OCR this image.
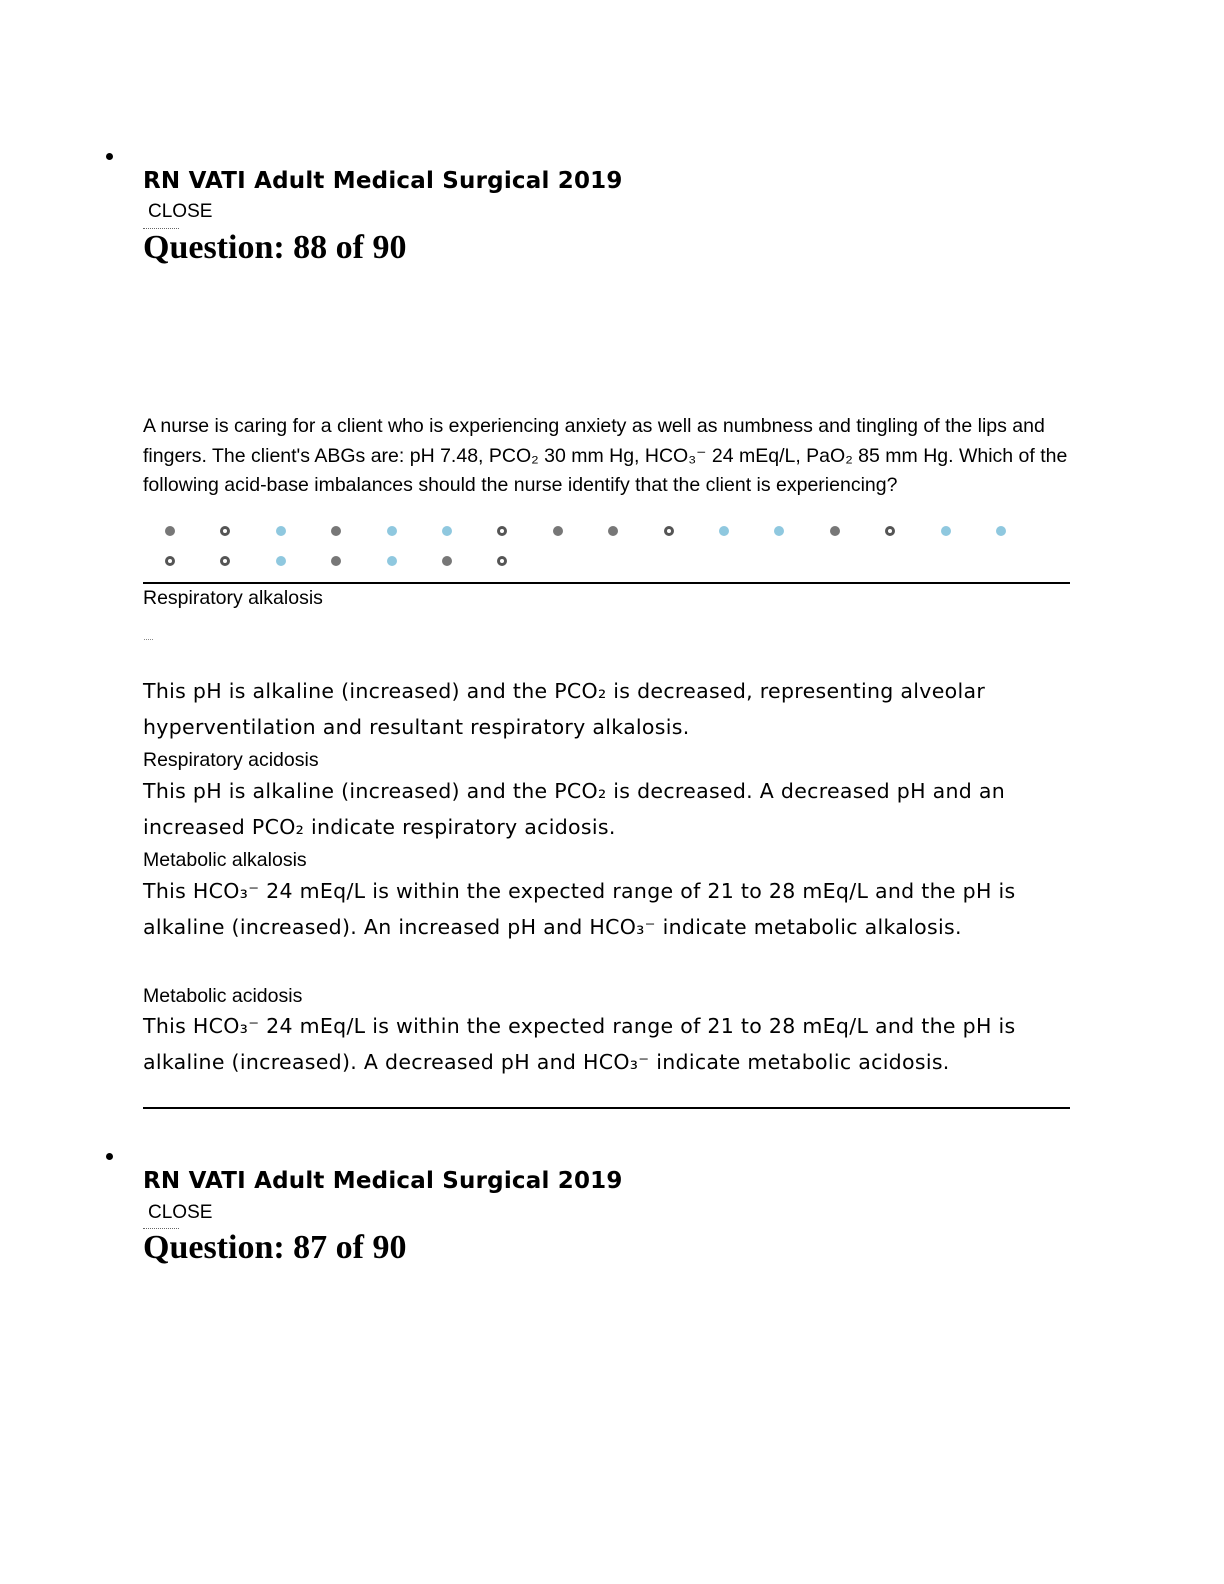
RN VATI Adult Medical Surgical 2019
CLOSE
Question: 88 of 90
A nurse is caring for a client who is experiencing anxiety as well as numbness and tingling of the lips and fingers. The client's ABGs are: pH 7.48, PCO₂ 30 mm Hg, HCO₃⁻ 24 mEq/L, PaO₂ 85 mm Hg. Which of the following acid-base imbalances should the nurse identify that the client is experiencing?
Respiratory alkalosis
This pH is alkaline (increased) and the PCO₂ is decreased, representing alveolar hyperventilation and resultant respiratory alkalosis.
Respiratory acidosis
This pH is alkaline (increased) and the PCO₂ is decreased. A decreased pH and an increased PCO₂ indicate respiratory acidosis.
Metabolic alkalosis
This HCO₃⁻ 24 mEq/L is within the expected range of 21 to 28 mEq/L and the pH is alkaline (increased). An increased pH and HCO₃⁻ indicate metabolic alkalosis.
Metabolic acidosis
This HCO₃⁻ 24 mEq/L is within the expected range of 21 to 28 mEq/L and the pH is alkaline (increased). A decreased pH and HCO₃⁻ indicate metabolic acidosis.
RN VATI Adult Medical Surgical 2019
CLOSE
Question: 87 of 90
